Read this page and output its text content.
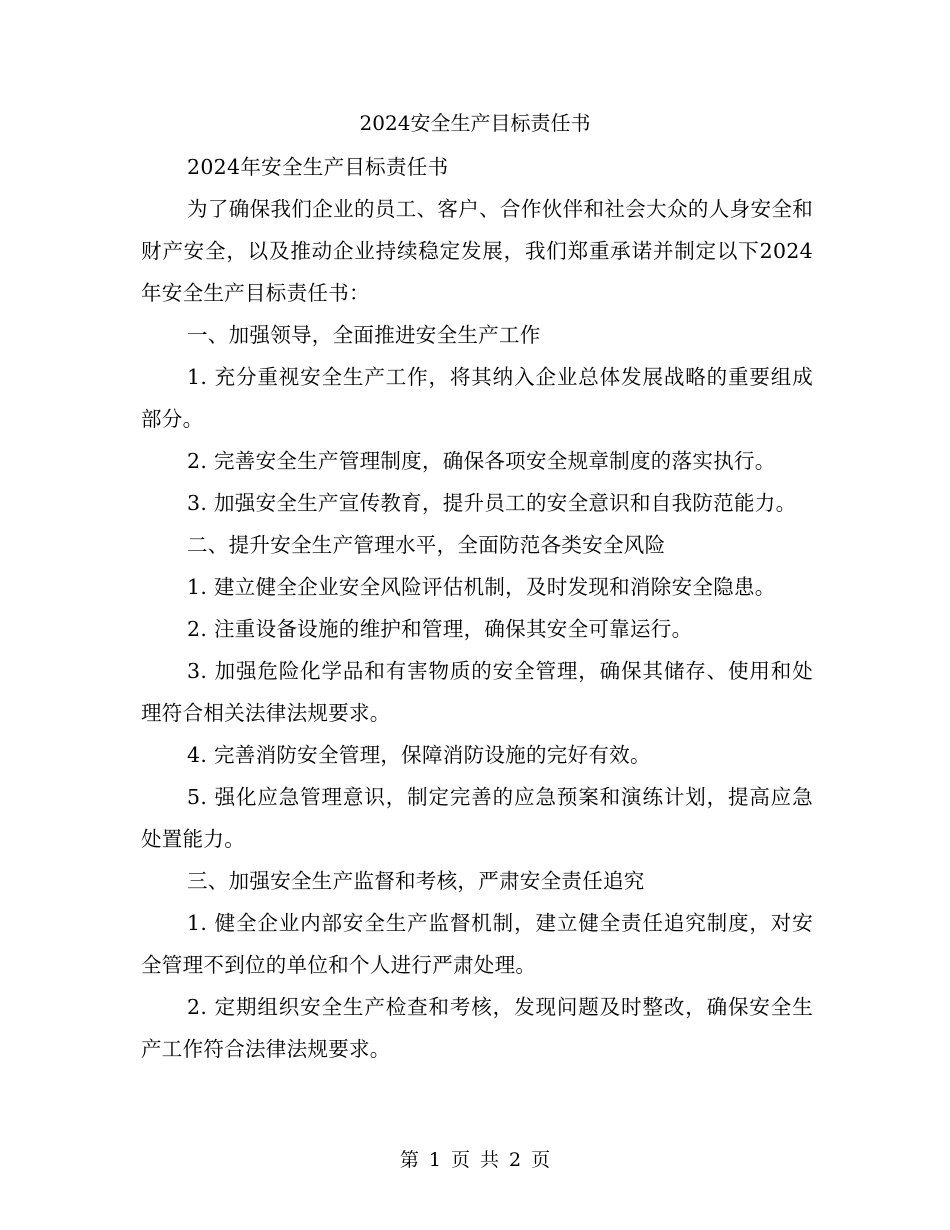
2024安全生产目标责任书

2024年安全生产目标责任书

为了确保我们企业的员工、客户、合作伙伴和社会大众的人身安全和财产安全，以及推动企业持续稳定发展，我们郑重承诺并制定以下2024年安全生产目标责任书：

一、加强领导，全面推进安全生产工作

1. 充分重视安全生产工作，将其纳入企业总体发展战略的重要组成部分。

2. 完善安全生产管理制度，确保各项安全规章制度的落实执行。

3. 加强安全生产宣传教育，提升员工的安全意识和自我防范能力。

二、提升安全生产管理水平，全面防范各类安全风险

1. 建立健全企业安全风险评估机制，及时发现和消除安全隐患。

2. 注重设备设施的维护和管理，确保其安全可靠运行。

3. 加强危险化学品和有害物质的安全管理，确保其储存、使用和处理符合相关法律法规要求。

4. 完善消防安全管理，保障消防设施的完好有效。

5. 强化应急管理意识，制定完善的应急预案和演练计划，提高应急处置能力。

三、加强安全生产监督和考核，严肃安全责任追究

1. 健全企业内部安全生产监督机制，建立健全责任追究制度，对安全管理不到位的单位和个人进行严肃处理。

2. 定期组织安全生产检查和考核，发现问题及时整改，确保安全生产工作符合法律法规要求。

第 1 页 共 2 页
